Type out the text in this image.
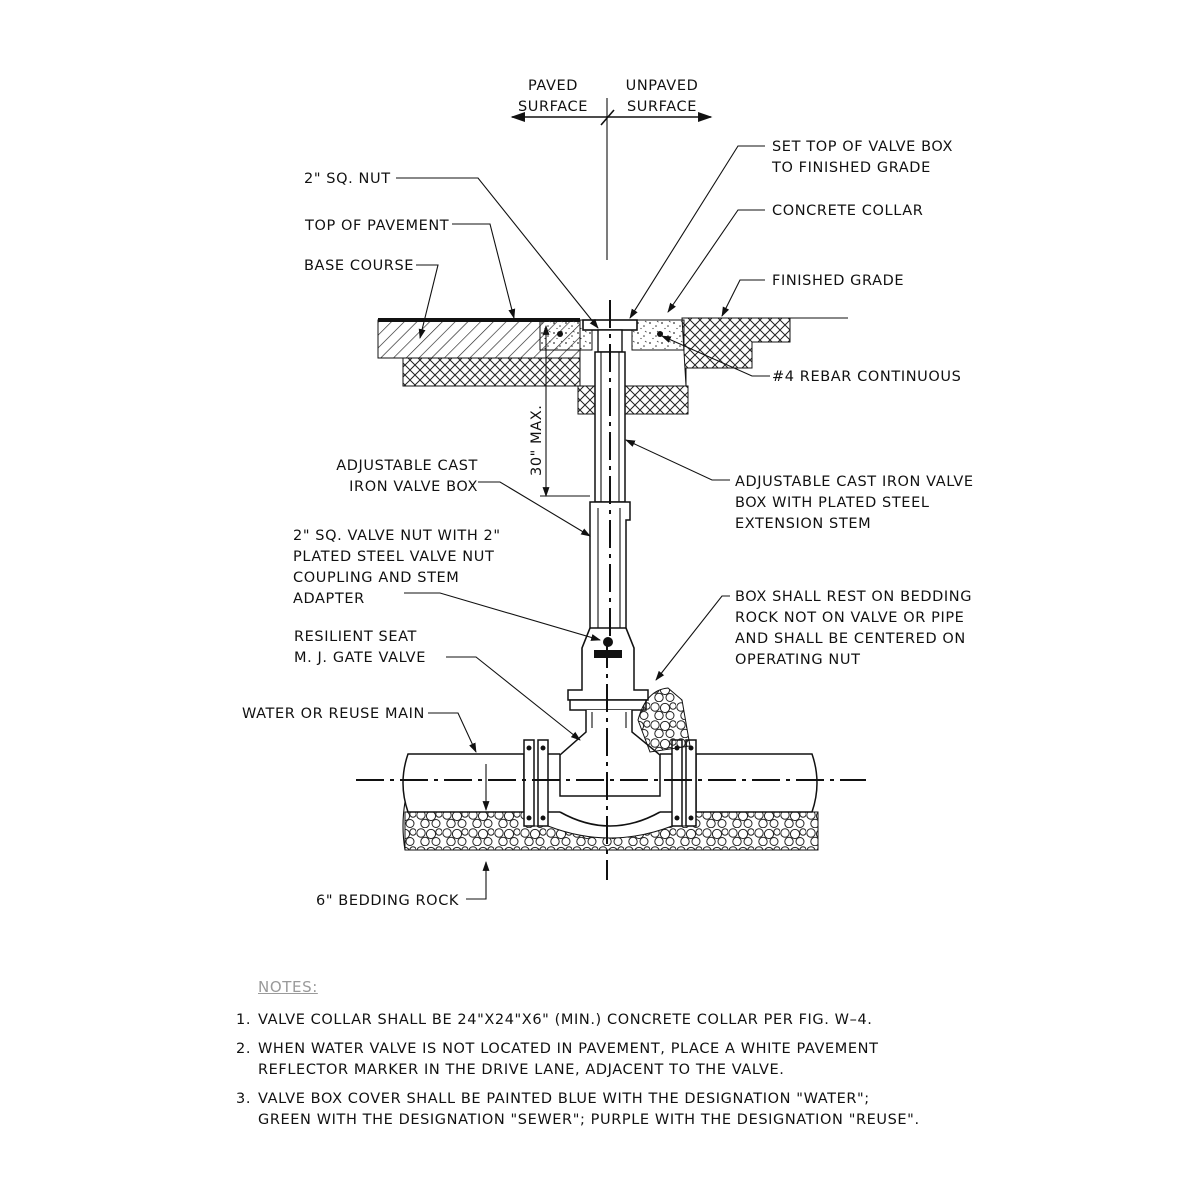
PAVED SURFACE
UNPAVED SURFACE
30" MAX.
2" SQ. NUT
TOP OF PAVEMENT
BASE COURSE
SET TOP OF VALVE BOX TO FINISHED GRADE
CONCRETE COLLAR
FINISHED GRADE
#4 REBAR CONTINUOUS
ADJUSTABLE CAST IRON VALVE BOX	ADJUSTABLE CAST IRON VALVE BOX WITH PLATED STEEL EXTENSION STEM
2" SQ. VALVE NUT WITH 2" PLATED STEEL VALVE NUT COUPLING AND STEM ADAPTER	BOX SHALL REST ON BEDDING ROCK NOT ON VALVE OR PIPE AND SHALL BE CENTERED ON OPERATING NUT
RESILIENT SEAT M. J. GATE VALVE
WATER OR REUSE MAIN
6" BEDDING ROCK
NOTES:
1. VALVE COLLAR SHALL BE 24"X24"X6" (MIN.) CONCRETE COLLAR PER FIG. W–4.
2. WHEN WATER VALVE IS NOT LOCATED IN PAVEMENT, PLACE A WHITE PAVEMENT
REFLECTOR MARKER IN THE DRIVE LANE, ADJACENT TO THE VALVE.
3. VALVE BOX COVER SHALL BE PAINTED BLUE WITH THE DESIGNATION "WATER";
GREEN WITH THE DESIGNATION "SEWER"; PURPLE WITH THE DESIGNATION "REUSE".
